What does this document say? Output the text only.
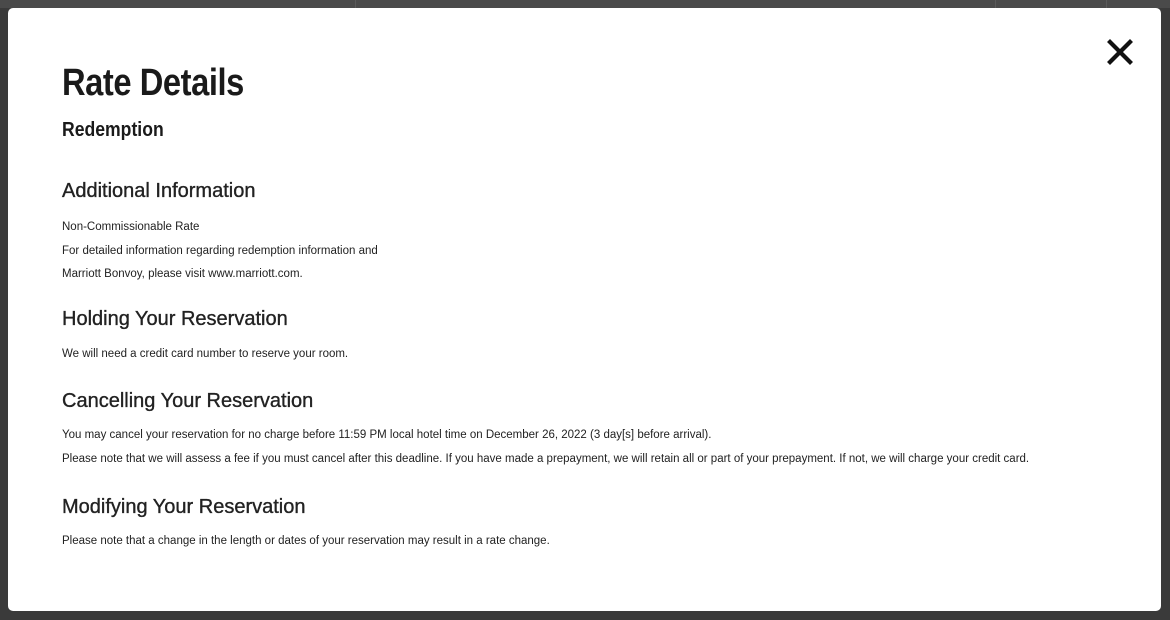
Rate Details
Redemption
Additional Information

Non-Commissionable Rate

For detailed information regarding redemption information and

Marriott Bonvoy, please visit www.marriott.com.

Holding Your Reservation

We will need a credit card number to reserve your room.

Cancelling Your Reservation

You may cancel your reservation for no charge before 11:59 PM local hotel time on December 26, 2022 (3 day[s] before arrival).

Please note that we will assess a fee if you must cancel after this deadline. If you have made a prepayment, we will retain all or part of your prepayment. If not, we will charge your credit card.

Modifying Your Reservation

Please note that a change in the length or dates of your reservation may result in a rate change.
